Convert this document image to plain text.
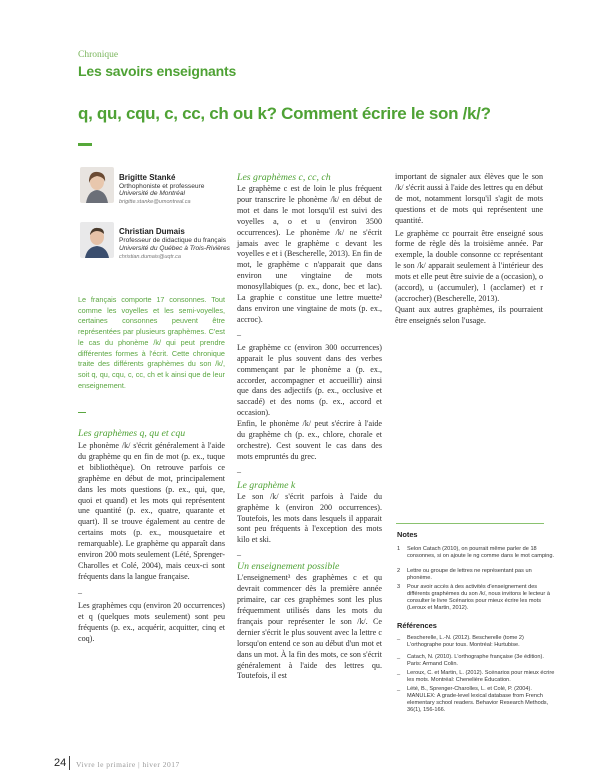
Chronique
Les savoirs enseignants
q, qu, cqu, c, cc, ch ou k? Comment écrire le son /k/?
Brigitte Stanké
Orthophoniste et professeure
Université de Montréal
brigitte.stanke@umontreal.ca
Christian Dumais
Professeur de didactique du français
Université du Québec à Trois-Rivières
christian.dumais@uqtr.ca
Le français comporte 17 consonnes. Tout comme les voyelles et les semi-voyelles, certaines consonnes peuvent être représentées par plusieurs graphèmes. C'est le cas du phonème /k/ qui peut prendre différentes formes à l'écrit. Cette chronique traite des différents graphèmes du son /k/, soit q, qu, cqu, c, cc, ch et k ainsi que de leur enseignement.
Les graphèmes q, qu et cqu
Le phonème /k/ s'écrit généralement à l'aide du graphème qu en fin de mot (p. ex., tuque et bibliothèque). On retrouve parfois ce graphème en début de mot, principalement dans les mots questions (p. ex., qui, que, quoi et quand) et les mots qui représentent une quantité (p. ex., quatre, quarante et quart). Il se trouve également au centre de certains mots (p. ex., mousquetaire et remarquable). Le graphème qu apparaît dans environ 200 mots seulement (Lété, Sprenger-Charolles et Colé, 2004), mais ceux-ci sont fréquents dans la langue française.
_
Les graphèmes cqu (environ 20 occurrences) et q (quelques mots seulement) sont peu fréquents (p. ex., acquérir, acquitter, cinq et coq).
Les graphèmes c, cc, ch
Le graphème c est de loin le plus fréquent pour transcrire le phonème /k/ en début de mot et dans le mot lorsqu'il est suivi des voyelles a, o et u (environ 3500 occurrences). Le phonème /k/ ne s'écrit jamais avec le graphème c devant les voyelles e et i (Bescherelle, 2013). En fin de mot, le graphème c n'apparait que dans environ une vingtaine de mots monosyllabiques (p. ex., donc, bec et lac). La graphie c constitue une lettre muette² dans environ une vingtaine de mots (p. ex., accroc).
_
Le graphème cc (environ 300 occurrences) apparait le plus souvent dans des verbes commençant par le phonème a (p. ex., accorder, accompagner et accueillir) ainsi que dans des adjectifs (p. ex., occlusive et saccadé) et des noms (p. ex., accord et occasion).
Enfin, le phonème /k/ peut s'écrire à l'aide du graphème ch (p. ex., chlore, chorale et orchestre). Cest souvent le cas dans des mots empruntés du grec.
_
Le graphème k
Le son /k/ s'écrit parfois à l'aide du graphème k (environ 200 occurrences). Toutefois, les mots dans lesquels il apparait sont peu fréquents à l'exception des mots kilo et ski.
_
Un enseignement possible
L'enseignement³ des graphèmes c et qu devrait commencer dès la première année primaire, car ces graphèmes sont les plus fréquemment utilisés dans les mots du français pour représenter le son /k/. Ce dernier s'écrit le plus souvent avec la lettre c lorsqu'on entend ce son au début d'un mot et dans un mot. À la fin des mots, ce son s'écrit généralement à l'aide des lettres qu. Toutefois, il est
important de signaler aux élèves que le son /k/ s'écrit aussi à l'aide des lettres qu en début de mot, notamment lorsqu'il s'agit de mots questions et de mots qui représentent une quantité.
Le graphème cc pourrait être enseigné sous forme de règle dès la troisième année. Par exemple, la double consonne cc représentant le son /k/ apparait seulement à l'intérieur des mots et elle peut être suivie de a (occasion), o (accord), u (accumuler), l (acclamer) et r (accrocher) (Bescherelle, 2013).
Quant aux autres graphèmes, ils pourraient être enseignés selon l'usage.
Notes
1 Selon Catach (2010), on pourrait même parler de 18 consonnes, si on ajoute le ng comme dans le mot camping.
2 Lettre ou groupe de lettres ne représentant pas un phonème.
3 Pour avoir accès à des activités d'enseignement des différents graphèmes du son /k/, nous invitons le lecteur à consulter le livre Scénarios pour mieux écrire les mots (Leroux et Martin, 2012).
Références
_ Bescherelle, L.-N. (2012). Bescherelle (tome 2) L'orthographe pour tous. Montréal: Hurtubise.
_ Catach, N. (2010). L'orthographe française (3e édition). Paris: Armand Colin.
_ Leroux, C. et Martin, L. (2012). Scénarios pour mieux écrire les mots. Montréal: Chenelière Éducation.
_ Lété, B., Sprenger-Charolles, L. et Colé, P. (2004). MANULEX: A grade-level lexical database from French elementary school readers. Behavior Research Methods, 36(1), 156-166.
24 Vivre le primaire | hiver 2017
